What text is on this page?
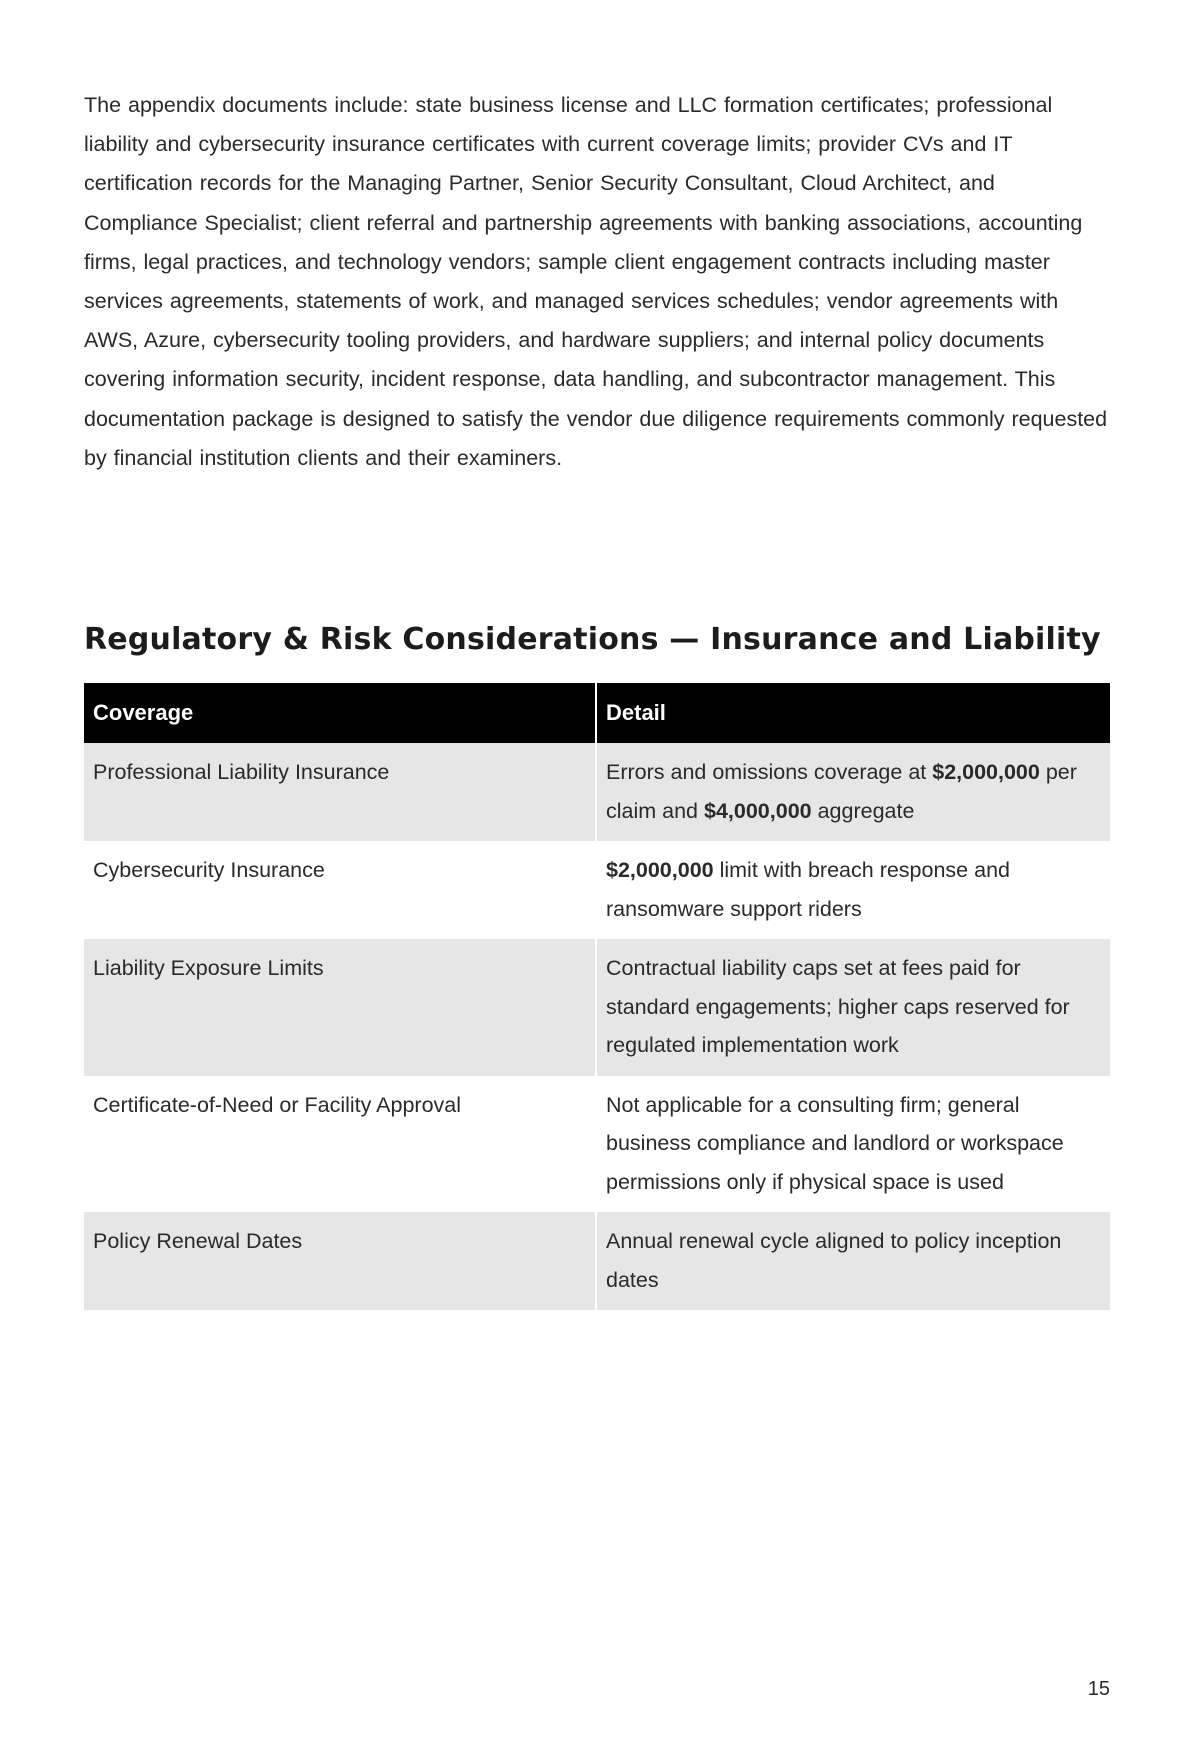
The appendix documents include: state business license and LLC formation certificates; professional liability and cybersecurity insurance certificates with current coverage limits; provider CVs and IT certification records for the Managing Partner, Senior Security Consultant, Cloud Architect, and Compliance Specialist; client referral and partnership agreements with banking associations, accounting firms, legal practices, and technology vendors; sample client engagement contracts including master services agreements, statements of work, and managed services schedules; vendor agreements with AWS, Azure, cybersecurity tooling providers, and hardware suppliers; and internal policy documents covering information security, incident response, data handling, and subcontractor management. This documentation package is designed to satisfy the vendor due diligence requirements commonly requested by financial institution clients and their examiners.

Regulatory & Risk Considerations — Insurance and Liability
Coverage	Detail
Professional Liability Insurance	Errors and omissions coverage at $2,000,000 per claim and $4,000,000 aggregate
Cybersecurity Insurance	$2,000,000 limit with breach response and ransomware support riders
Liability Exposure Limits	Contractual liability caps set at fees paid for standard engagements; higher caps reserved for regulated implementation work
Certificate-of-Need or Facility Approval	Not applicable for a consulting firm; general business compliance and landlord or workspace permissions only if physical space is used
Policy Renewal Dates	Annual renewal cycle aligned to policy inception dates
15
